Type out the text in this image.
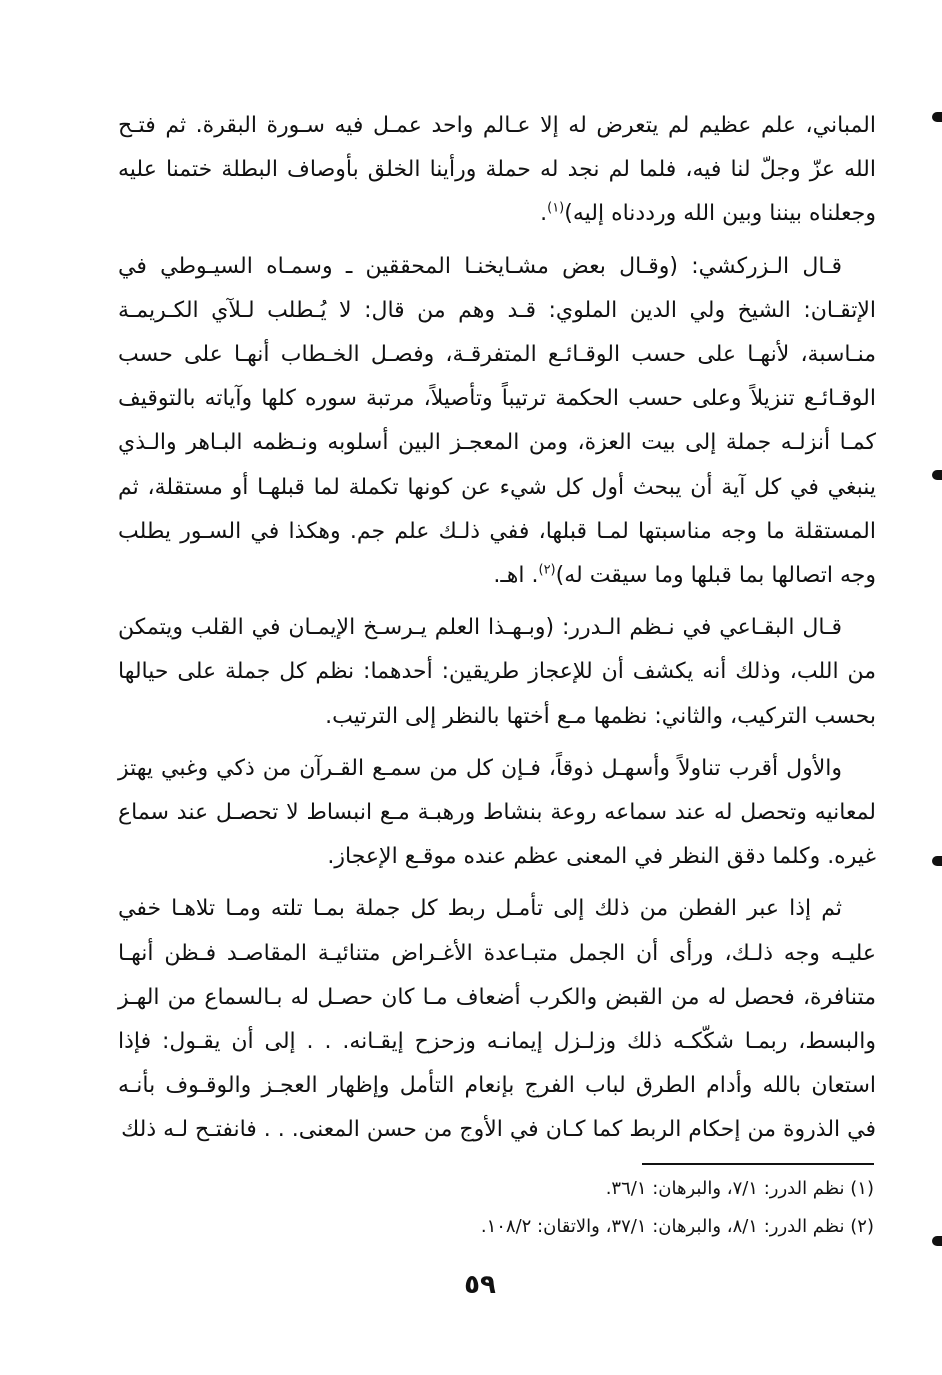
المباني، علم عظيم لم يتعرض له إلا عـالم واحد عمـل فيه سـورة البقرة. ثم فتـح الله عزّ وجلّ لنا فيه، فلما لم نجد له حملة ورأينا الخلق بأوصاف البطلة ختمنا عليه وجعلناه بيننا وبين الله ورددناه إليه)$^{(١)}$.

قـال الـزركشي: (وقـال بعض مشـايخنـا المحققين ـ وسمـاه السيـوطي في الإتقـان: الشيخ ولي الدين الملوي: قـد وهم من قال: لا يُـطلب لـلآي الكـريمـة منـاسبة، لأنهـا على حسب الوقـائـع المتفرقـة، وفصـل الخـطاب أنهـا على حسب الوقـائـع تنزيلاً وعلى حسب الحكمة ترتيباً وتأصيلاً، مرتبة سوره كلها وآياته بالتوقيف كمـا أنزلـه جملة إلى بيت العزة، ومن المعجـز البين أسلوبه ونـظمه البـاهر والـذي ينبغي في كل آية أن يبحث أول كل شيء عن كونها تكملة لما قبلهـا أو مستقلة، ثم المستقلة ما وجه مناسبتها لمـا قبلها، ففي ذلـك علم جم. وهكذا في السـور يطلب وجه اتصالها بما قبلها وما سيقت له)$^{(٢)}$. اهـ.

قـال البقـاعي في نـظم الـدرر: (وبـهـذا العلم يـرسـخ الإيمـان في القلب ويتمكن من اللب، وذلك أنه يكشف أن للإعجاز طريقين: أحدهما: نظم كل جملة على حيالها بحسب التركيب، والثاني: نظمها مـع أختها بالنظر إلى الترتيب.

والأول أقرب تناولاً وأسهـل ذوقاً، فـإن كل من سمـع القـرآن من ذكي وغبي يهتز لمعانيه وتحصل له عند سماعه روعة بنشاط ورهبـة مـع انبساط لا تحصـل عند سماع غيره. وكلما دقق النظر في المعنى عظم عنده موقـع الإعجاز.

ثم إذا عبر الفطن من ذلك إلى تأمـل ربط كل جملة بمـا تلته ومـا تلاهـا خفي عليـه وجه ذلـك، ورأى أن الجمل متبـاعدة الأغـراض متنائيـة المقاصـد فـظن أنهـا متنافرة، فحصل له من القبض والكرب أضعاف مـا كان حصـل له بـالسماع من الهـز والبسط، ربمـا شكّكـه ذلك وزلـزل إيمانـه وزحزح إيقـانه. . . إلى أن يقـول: فإذا استعان بالله وأدام الطرق لباب الفرج بإنعام التأمل وإظهار العجـز والوقـوف بأنـه في الذروة من إحكام الربط كما كـان في الأوج من حسن المعنى. . . فانفتـح لـه ذلك

(١) نظم الدرر: ٧/١، والبرهان: ٣٦/١.

(٢) نظم الدرر: ٨/١، والبرهان: ٣٧/١، والاتقان: ١٠٨/٢.

٥٩
